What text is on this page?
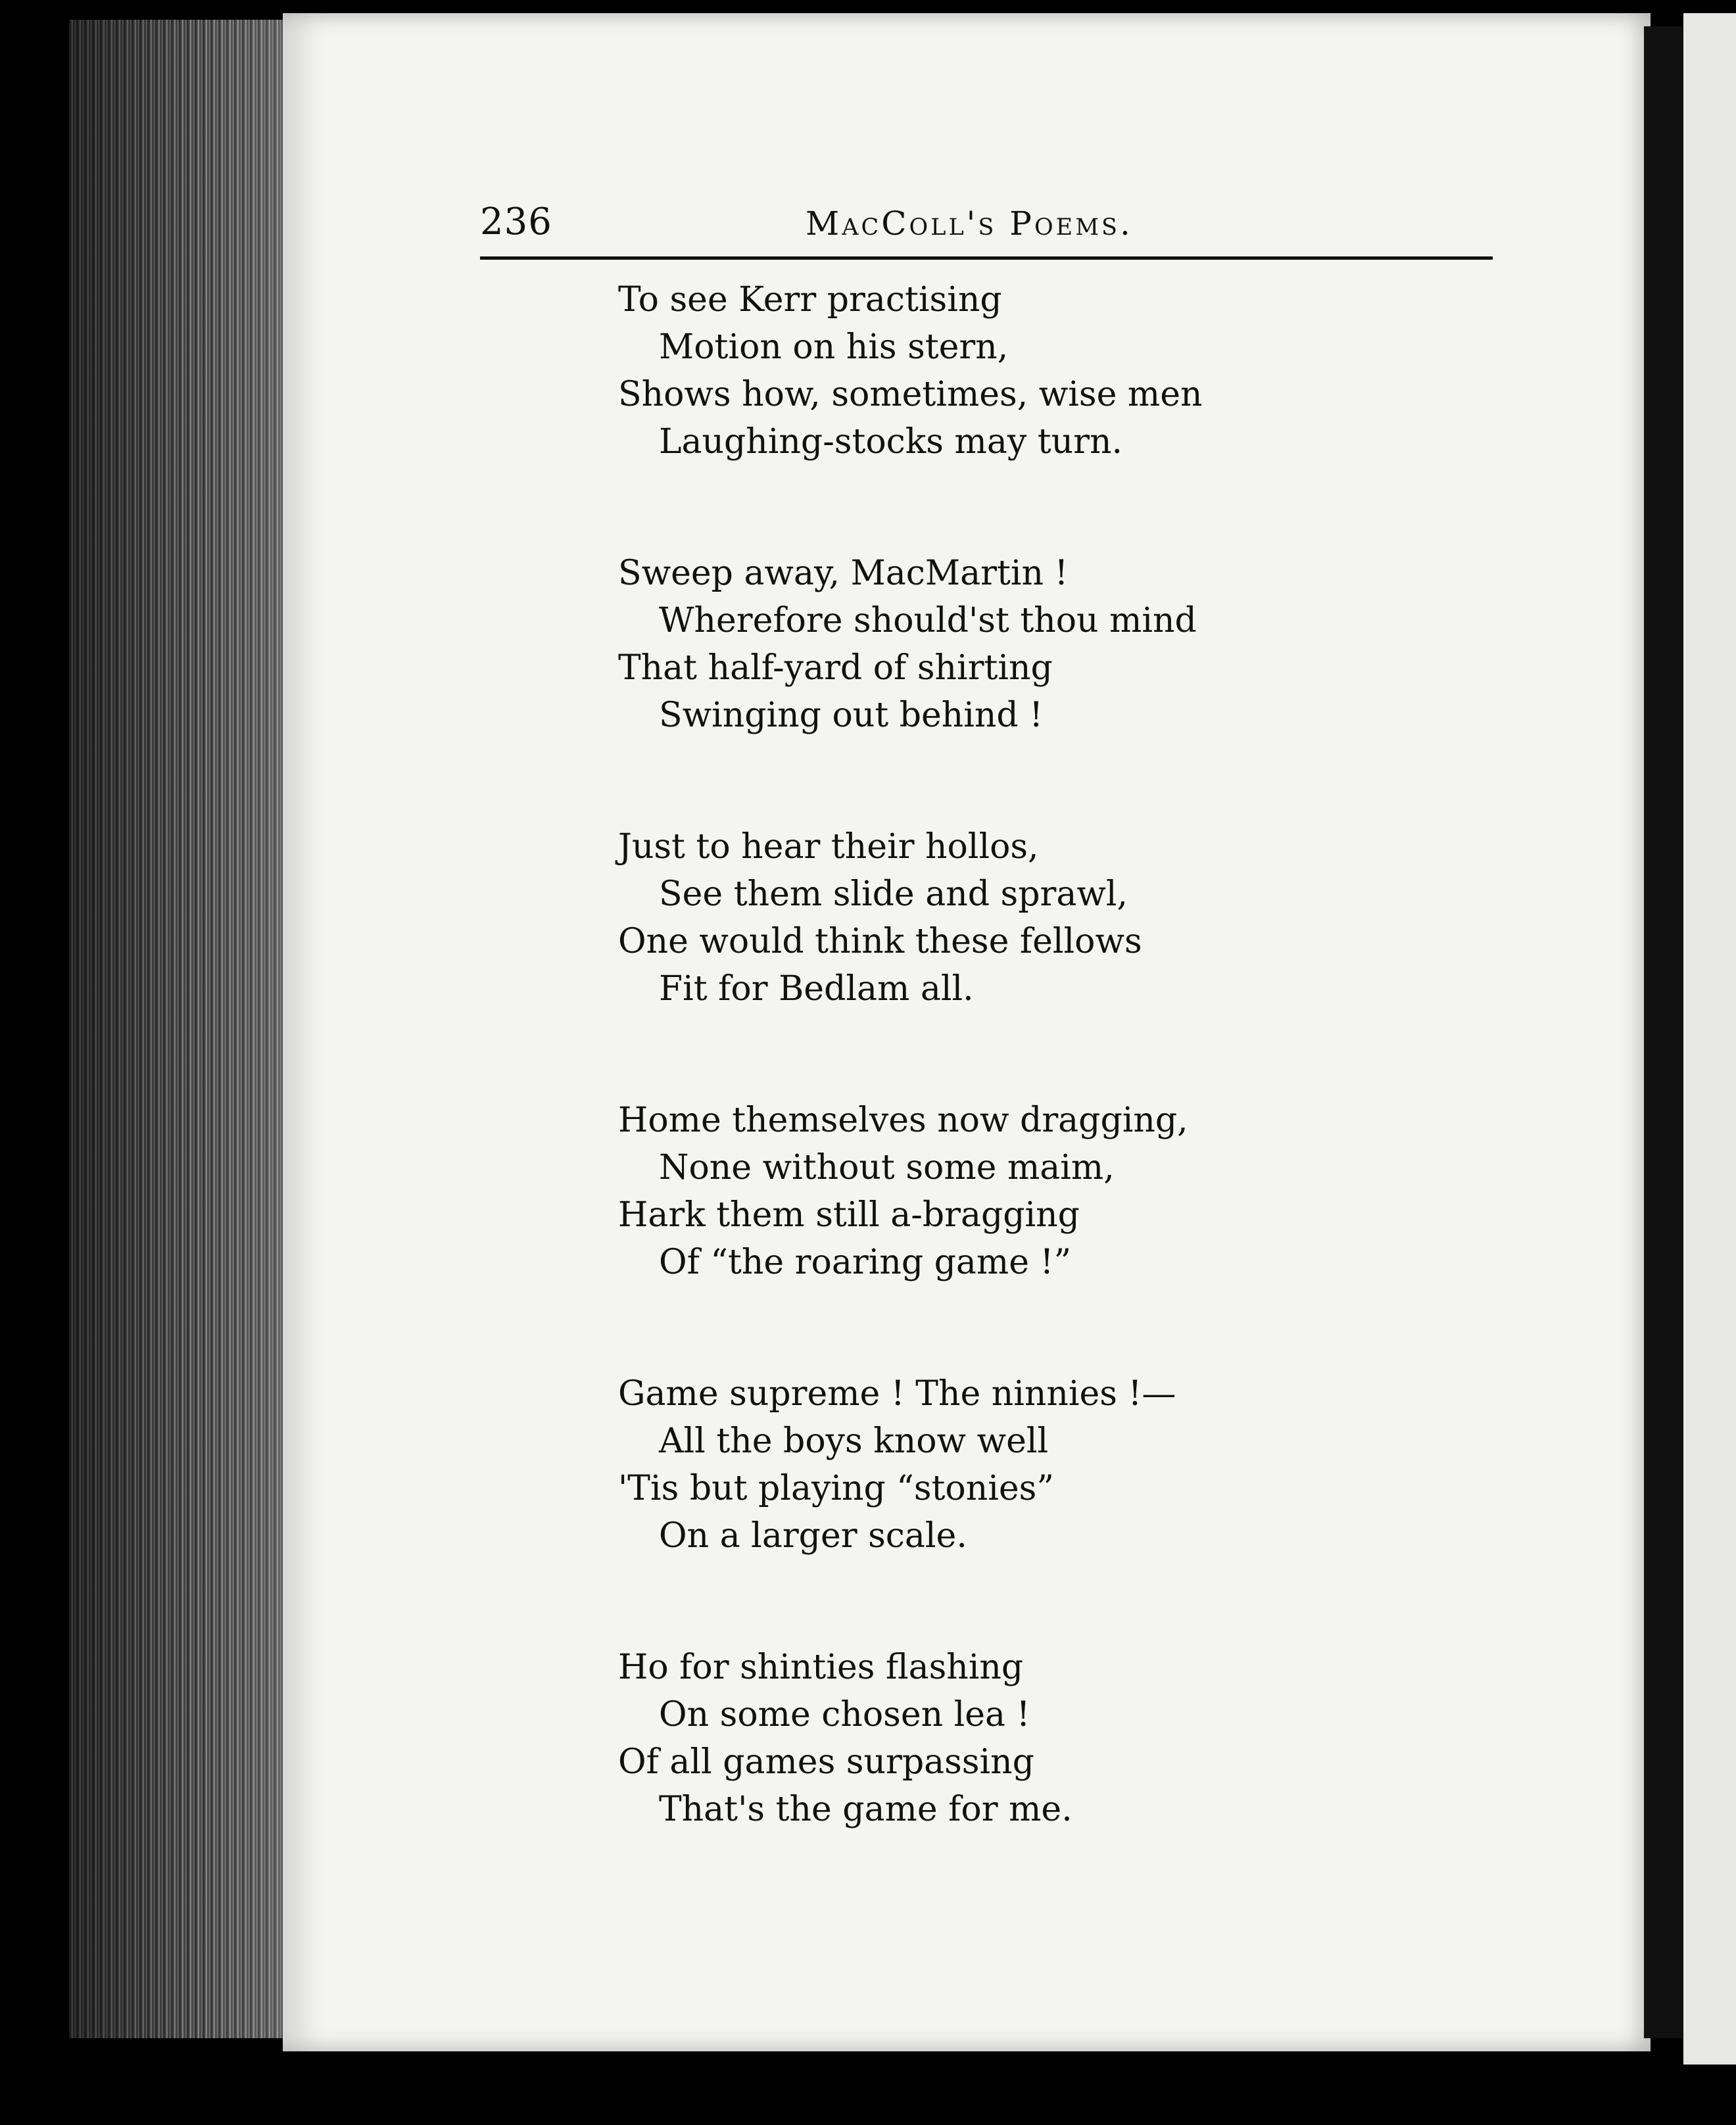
236	MacColl's Poems.
To see Kerr practising
Motion on his stern,
Shows how, sometimes, wise men
Laughing-stocks may turn.
Sweep away, MacMartin !
Wherefore should'st thou mind
That half-yard of shirting
Swinging out behind !
Just to hear their hollos,
See them slide and sprawl,
One would think these fellows
Fit for Bedlam all.
Home themselves now dragging,
None without some maim,
Hark them still a-bragging
Of “the roaring game !”
Game supreme ! The ninnies !—
All the boys know well
'Tis but playing “stonies”
On a larger scale.
Ho for shinties flashing
On some chosen lea !
Of all games surpassing
That's the game for me.
